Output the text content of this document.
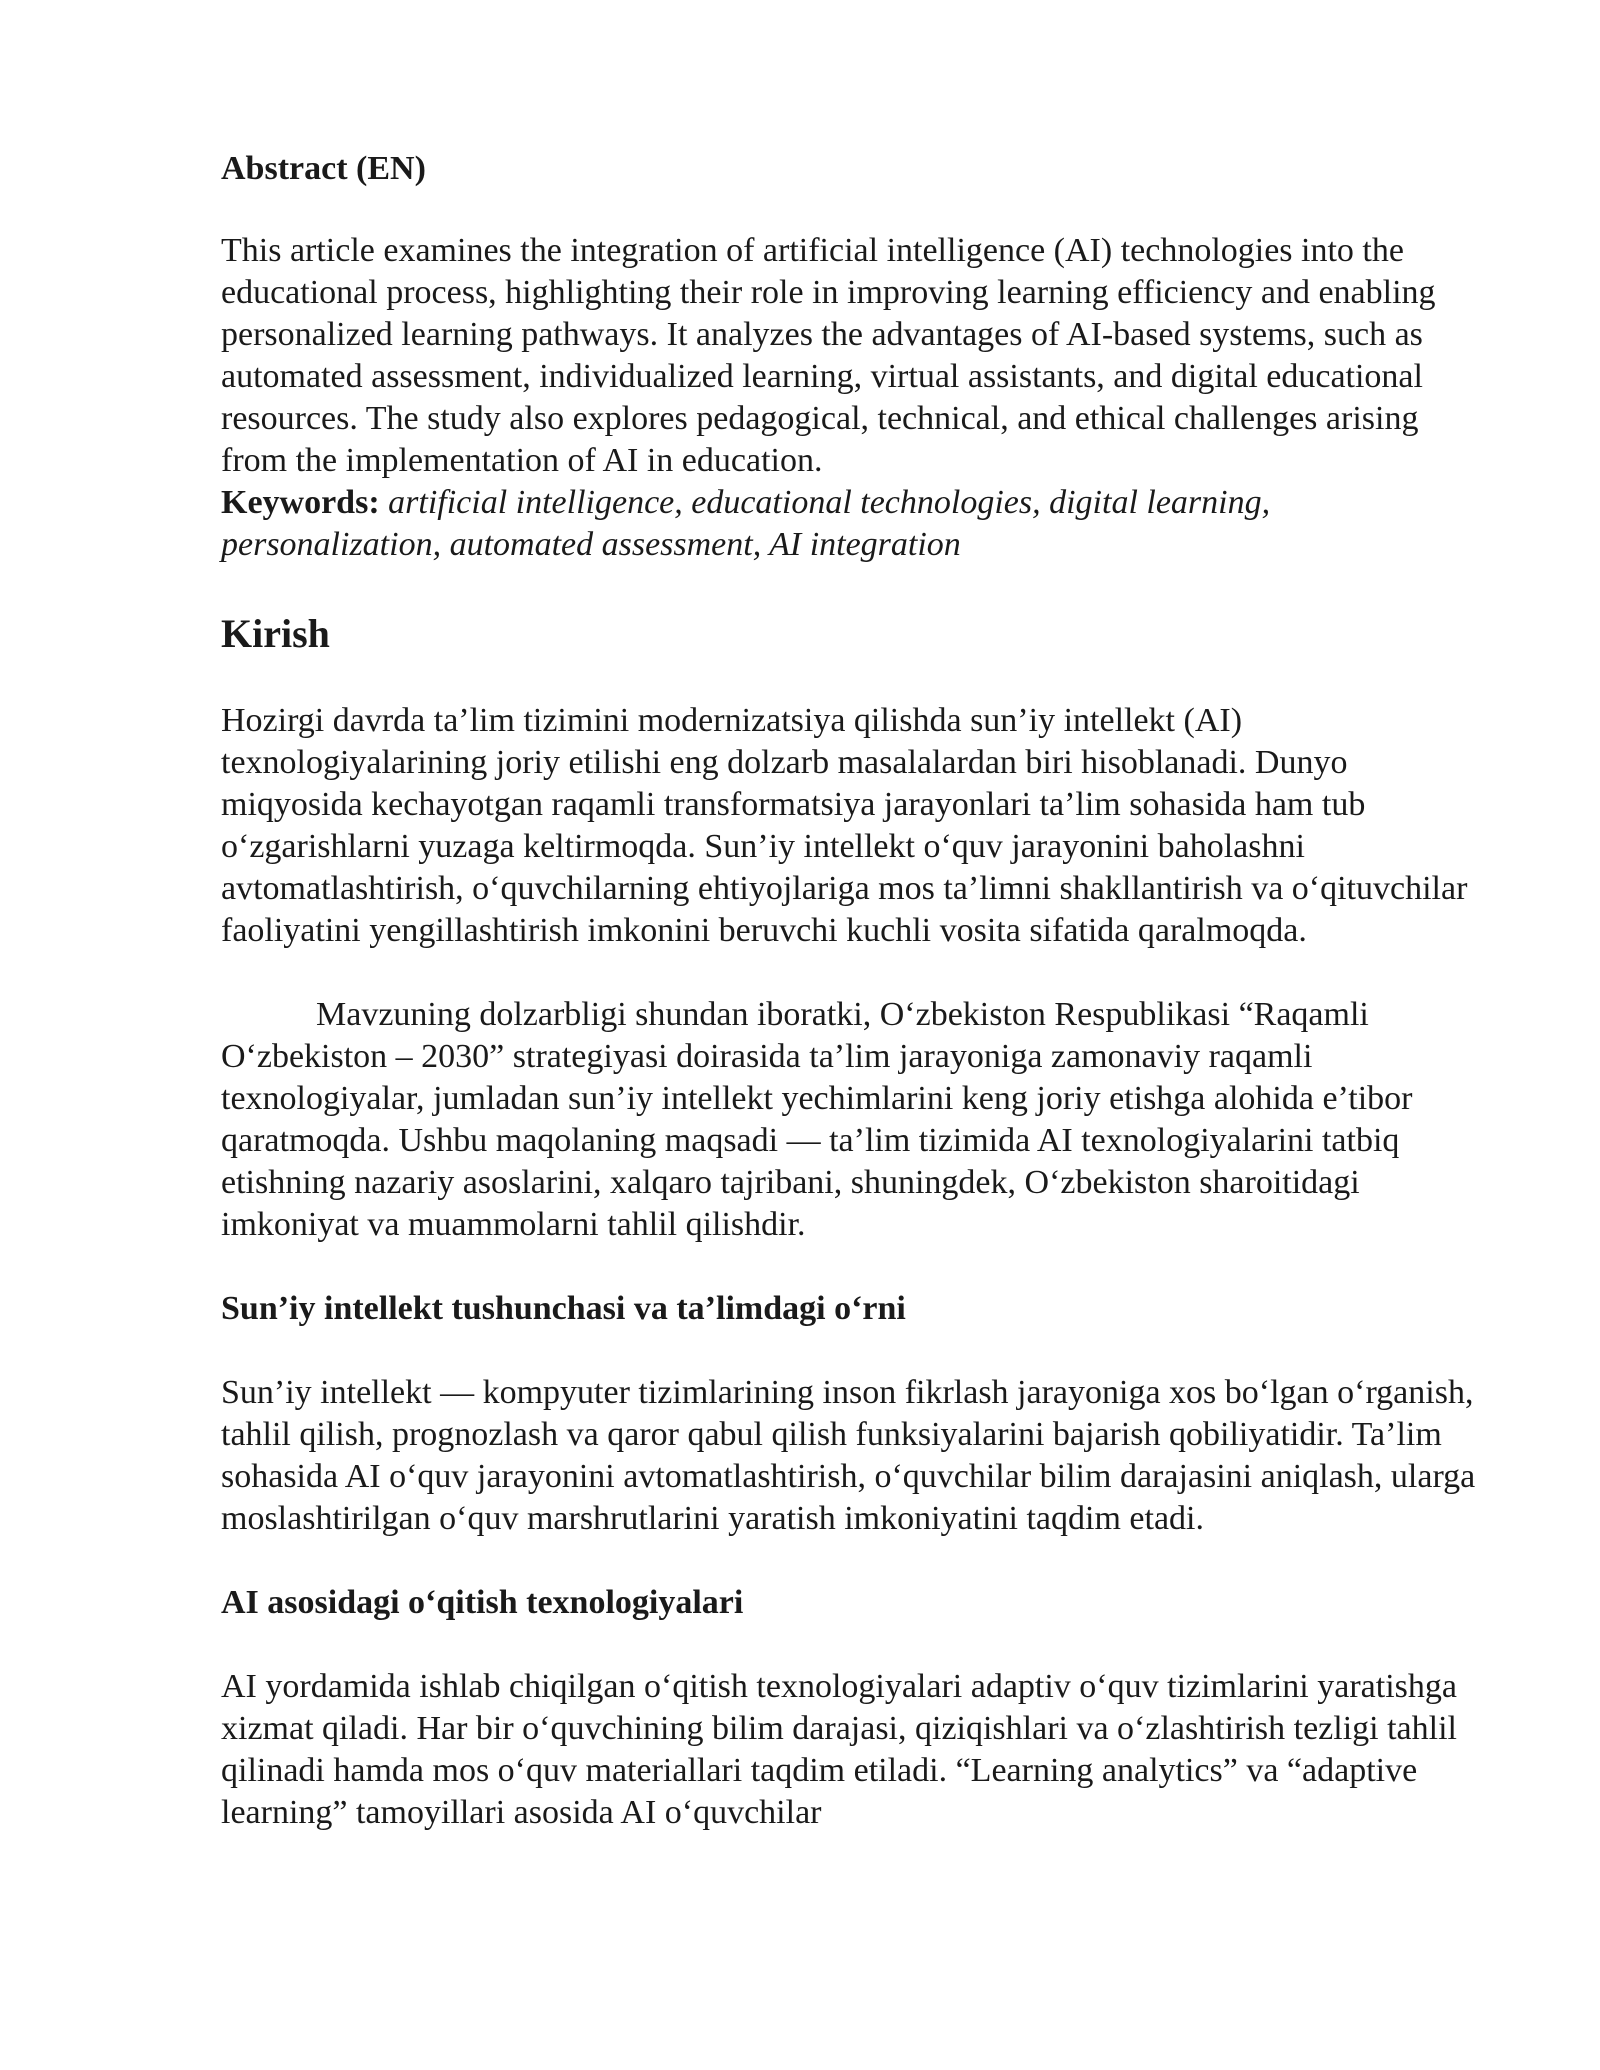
Abstract (EN)

This article examines the integration of artificial intelligence (AI) technologies into the educational process, highlighting their role in improving learning efficiency and enabling personalized learning pathways. It analyzes the advantages of AI-based systems, such as automated assessment, individualized learning, virtual assistants, and digital educational resources. The study also explores pedagogical, technical, and ethical challenges arising from the implementation of AI in education.

Keywords: artificial intelligence, educational technologies, digital learning, personalization, automated assessment, AI integration

Kirish

Hozirgi davrda ta’lim tizimini modernizatsiya qilishda sun’iy intellekt (AI) texnologiyalarining joriy etilishi eng dolzarb masalalardan biri hisoblanadi. Dunyo miqyosida kechayotgan raqamli transformatsiya jarayonlari ta’lim sohasida ham tub o‘zgarishlarni yuzaga keltirmoqda. Sun’iy intellekt o‘quv jarayonini baholashni avtomatlashtirish, o‘quvchilarning ehtiyojlariga mos ta’limni shakllantirish va o‘qituvchilar faoliyatini yengillashtirish imkonini beruvchi kuchli vosita sifatida qaralmoqda.

Mavzuning dolzarbligi shundan iboratki, O‘zbekiston Respublikasi “Raqamli O‘zbekiston – 2030” strategiyasi doirasida ta’lim jarayoniga zamonaviy raqamli texnologiyalar, jumladan sun’iy intellekt yechimlarini keng joriy etishga alohida e’tibor qaratmoqda. Ushbu maqolaning maqsadi — ta’lim tizimida AI texnologiyalarini tatbiq etishning nazariy asoslarini, xalqaro tajribani, shuningdek, O‘zbekiston sharoitidagi imkoniyat va muammolarni tahlil qilishdir.

Sun’iy intellekt tushunchasi va ta’limdagi o‘rni

Sun’iy intellekt — kompyuter tizimlarining inson fikrlash jarayoniga xos bo‘lgan o‘rganish, tahlil qilish, prognozlash va qaror qabul qilish funksiyalarini bajarish qobiliyatidir. Ta’lim sohasida AI o‘quv jarayonini avtomatlashtirish, o‘quvchilar bilim darajasini aniqlash, ularga moslashtirilgan o‘quv marshrutlarini yaratish imkoniyatini taqdim etadi.

AI asosidagi o‘qitish texnologiyalari

AI yordamida ishlab chiqilgan o‘qitish texnologiyalari adaptiv o‘quv tizimlarini yaratishga xizmat qiladi. Har bir o‘quvchining bilim darajasi, qiziqishlari va o‘zlashtirish tezligi tahlil qilinadi hamda mos o‘quv materiallari taqdim etiladi. “Learning analytics” va “adaptive learning” tamoyillari asosida AI o‘quvchilar
